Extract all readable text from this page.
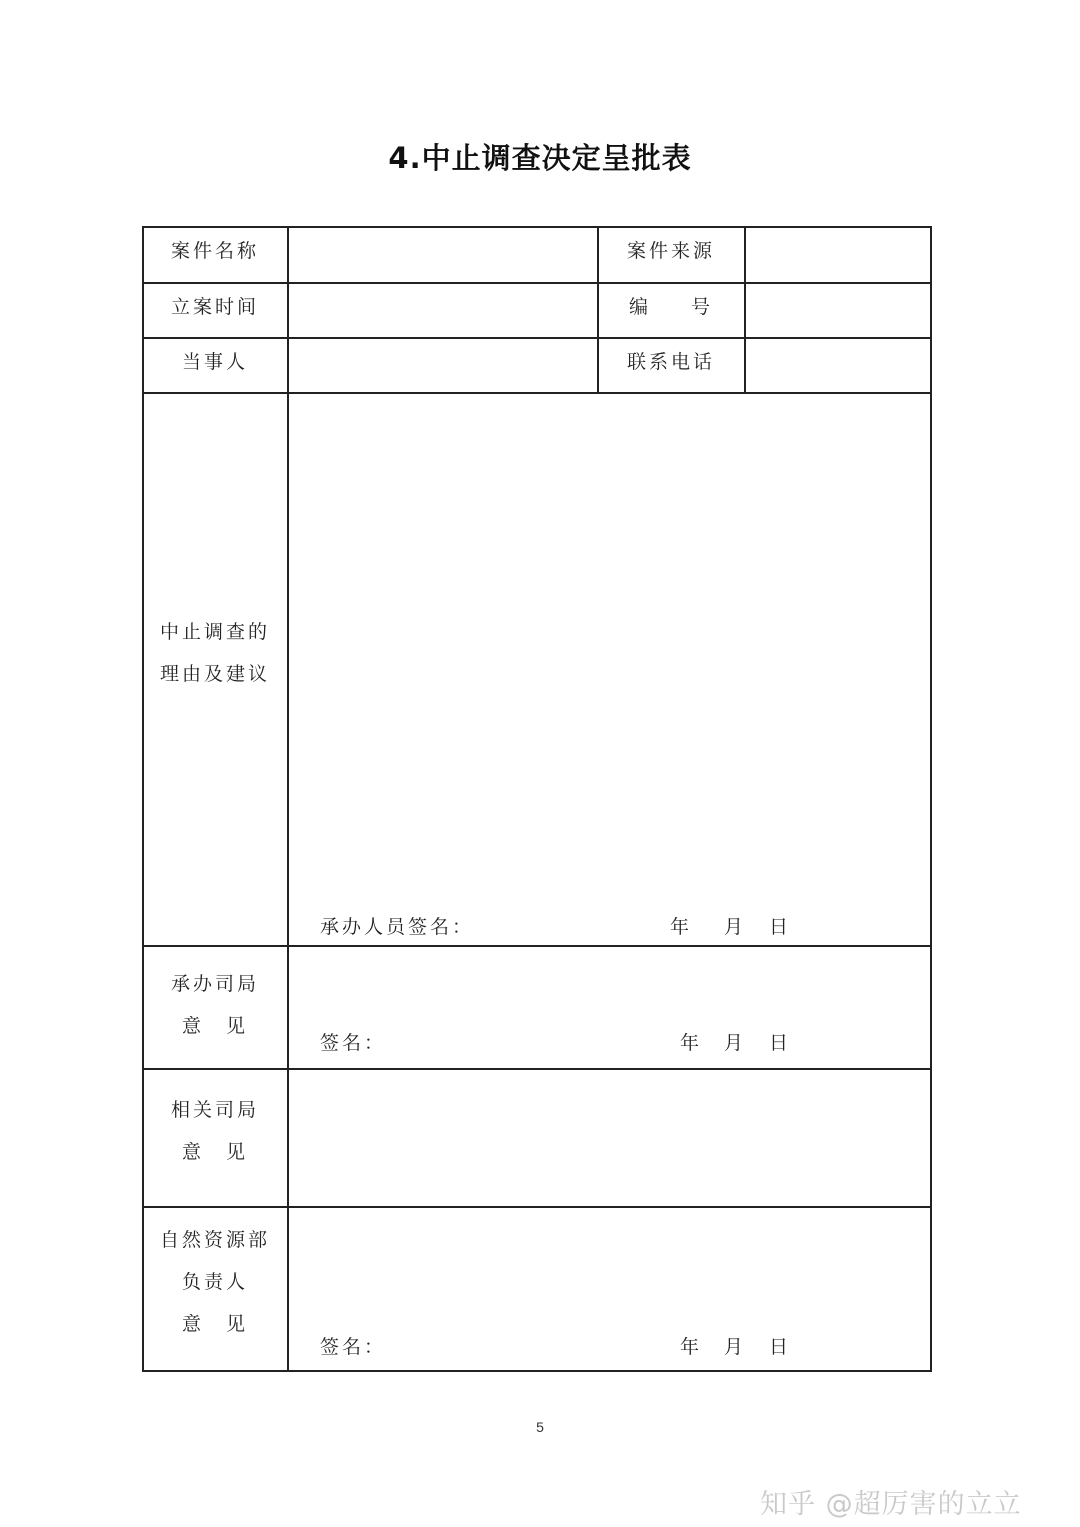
4.中止调查决定呈批表
案件名称	案件来源
立案时间	编 号
当事人	联系电话
中止调查的
理由及建议
承办人员签名：	年 月 日
承办司局
意　见
签名：	年 月 日
相关司局
意　见
自然资源部
负责人
意　见
签名：	年 月 日
5
知乎 @超厉害的立立
